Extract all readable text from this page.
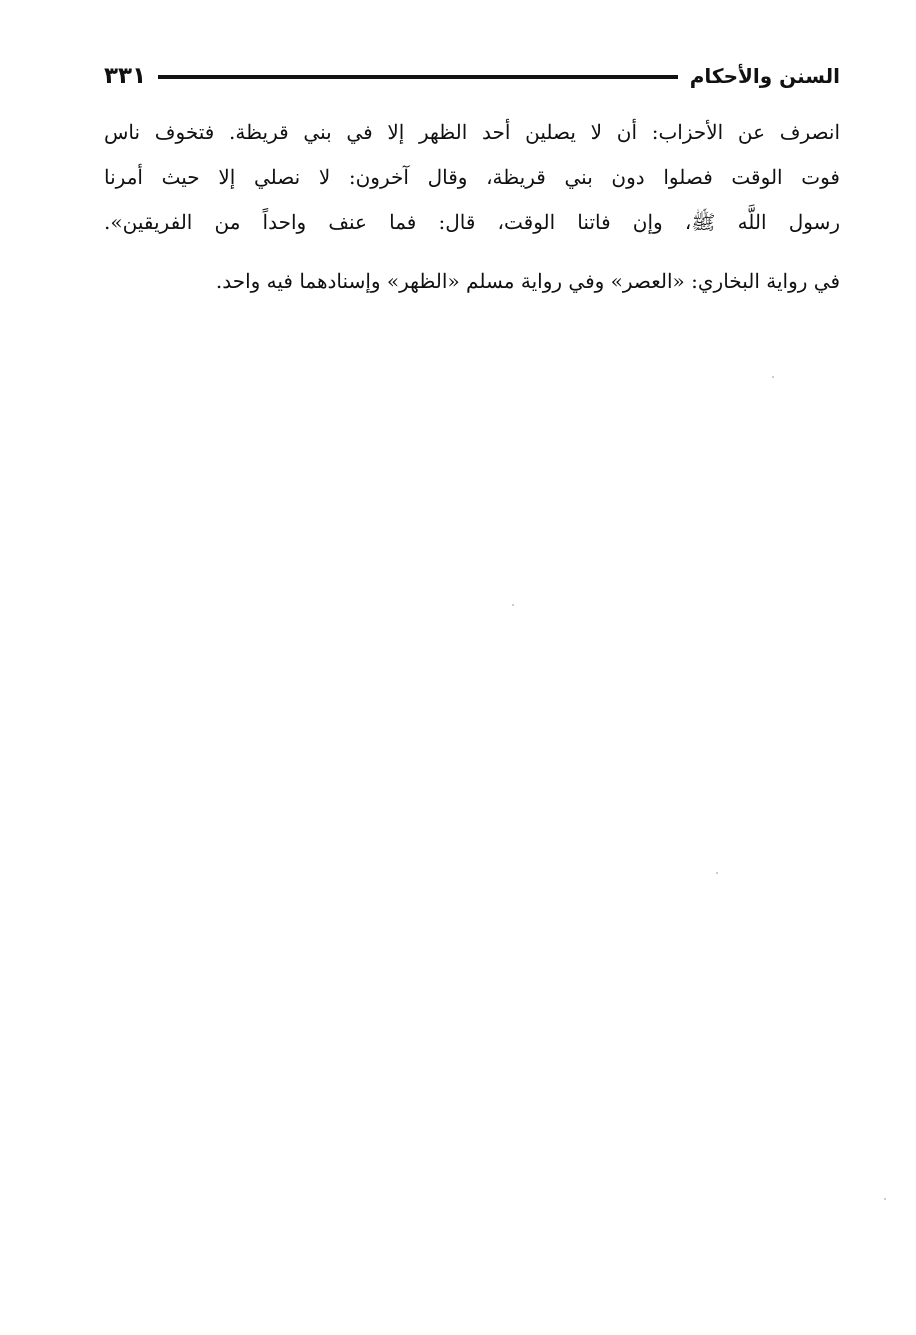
٣٣١	السنن والأحكام

انصرف عن الأحزاب: أن لا يصلين أحد الظهر إلا في بني قريظة. فتخوف ناس
فوت الوقت فصلوا دون بني قريظة، وقال آخرون: لا نصلي إلا حيث أمرنا
رسول اللَّه ﷺ، وإن فاتنا الوقت، قال: فما عنف واحداً من الفريقين».

في رواية البخاري: «العصر» وفي رواية مسلم «الظهر» وإسنادهما فيه واحد.
